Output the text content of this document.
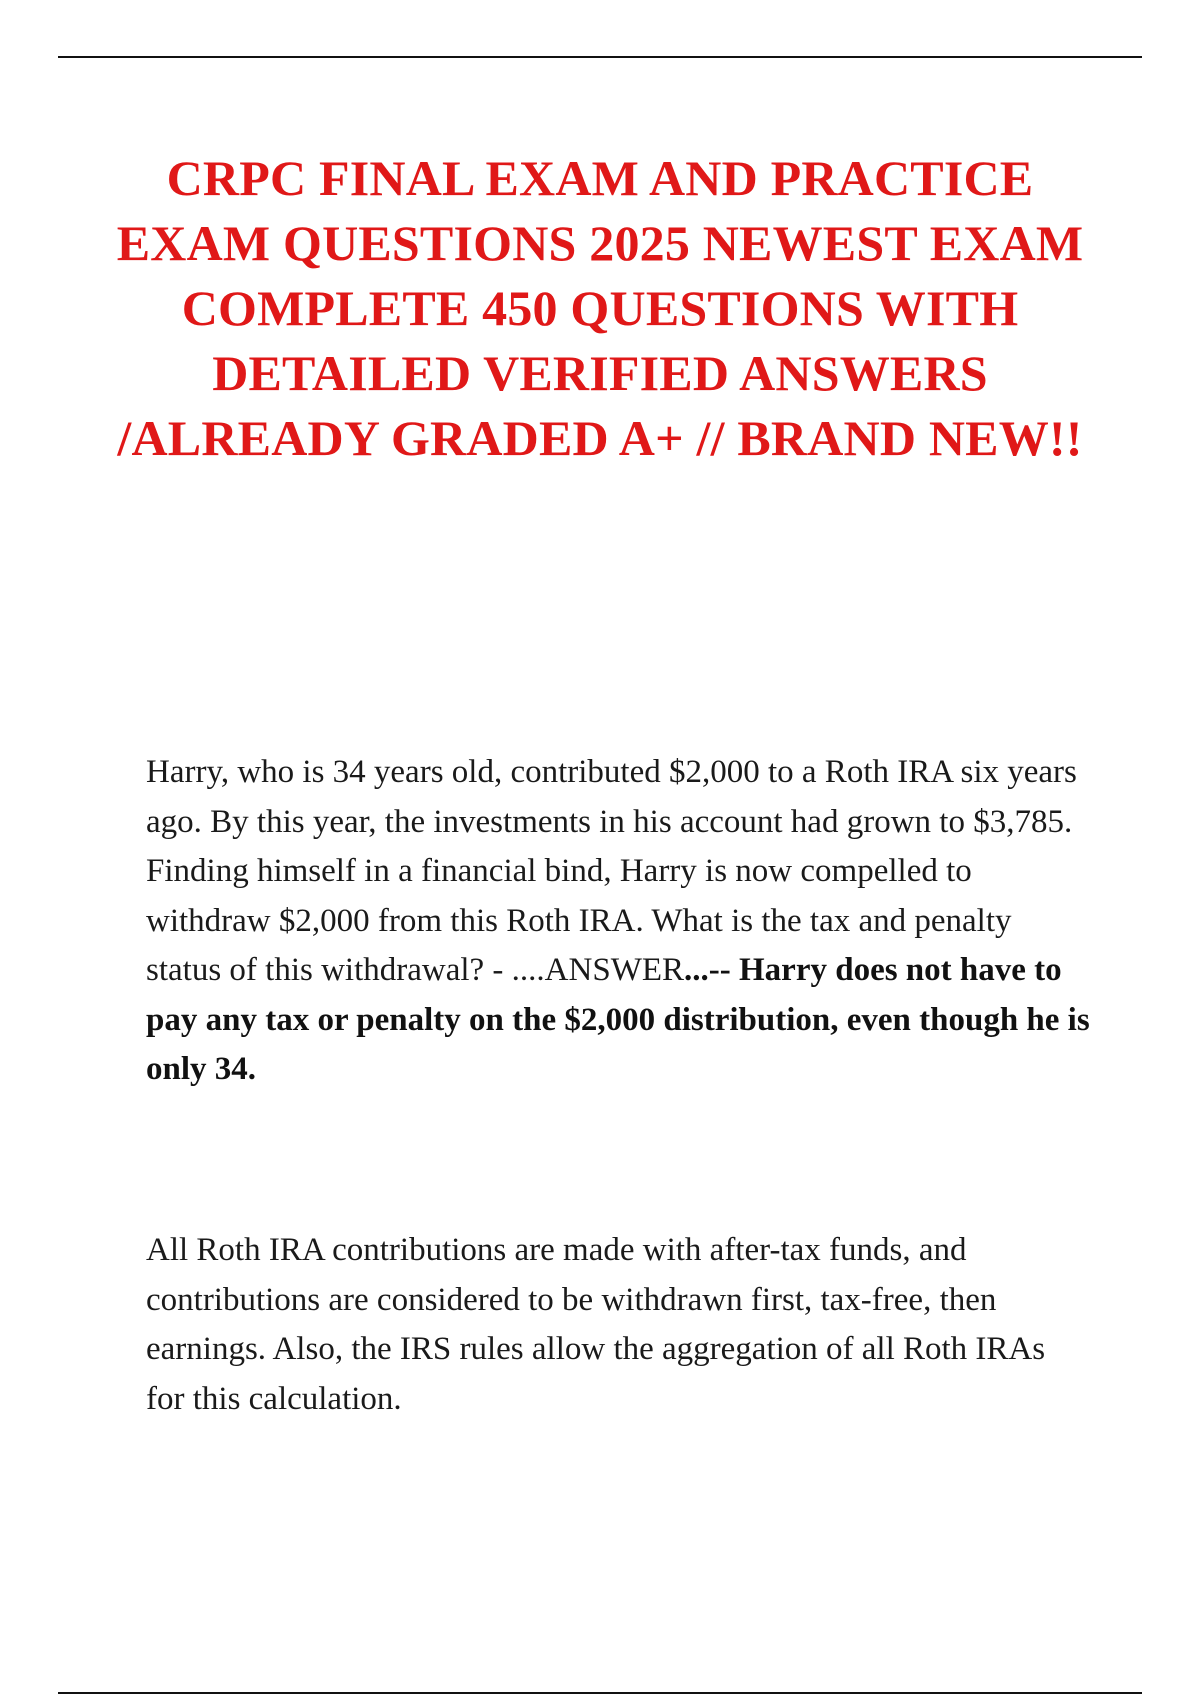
CRPC FINAL EXAM AND PRACTICE EXAM QUESTIONS 2025 NEWEST EXAM COMPLETE 450 QUESTIONS WITH DETAILED VERIFIED ANSWERS /ALREADY GRADED A+ // BRAND NEW!!

Harry, who is 34 years old, contributed $2,000 to a Roth IRA six years ago. By this year, the investments in his account had grown to $3,785. Finding himself in a financial bind, Harry is now compelled to withdraw $2,000 from this Roth IRA. What is the tax and penalty status of this withdrawal? - ....ANSWER...-- Harry does not have to pay any tax or penalty on the $2,000 distribution, even though he is only 34.

All Roth IRA contributions are made with after-tax funds, and contributions are considered to be withdrawn first, tax-free, then earnings. Also, the IRS rules allow the aggregation of all Roth IRAs for this calculation.
